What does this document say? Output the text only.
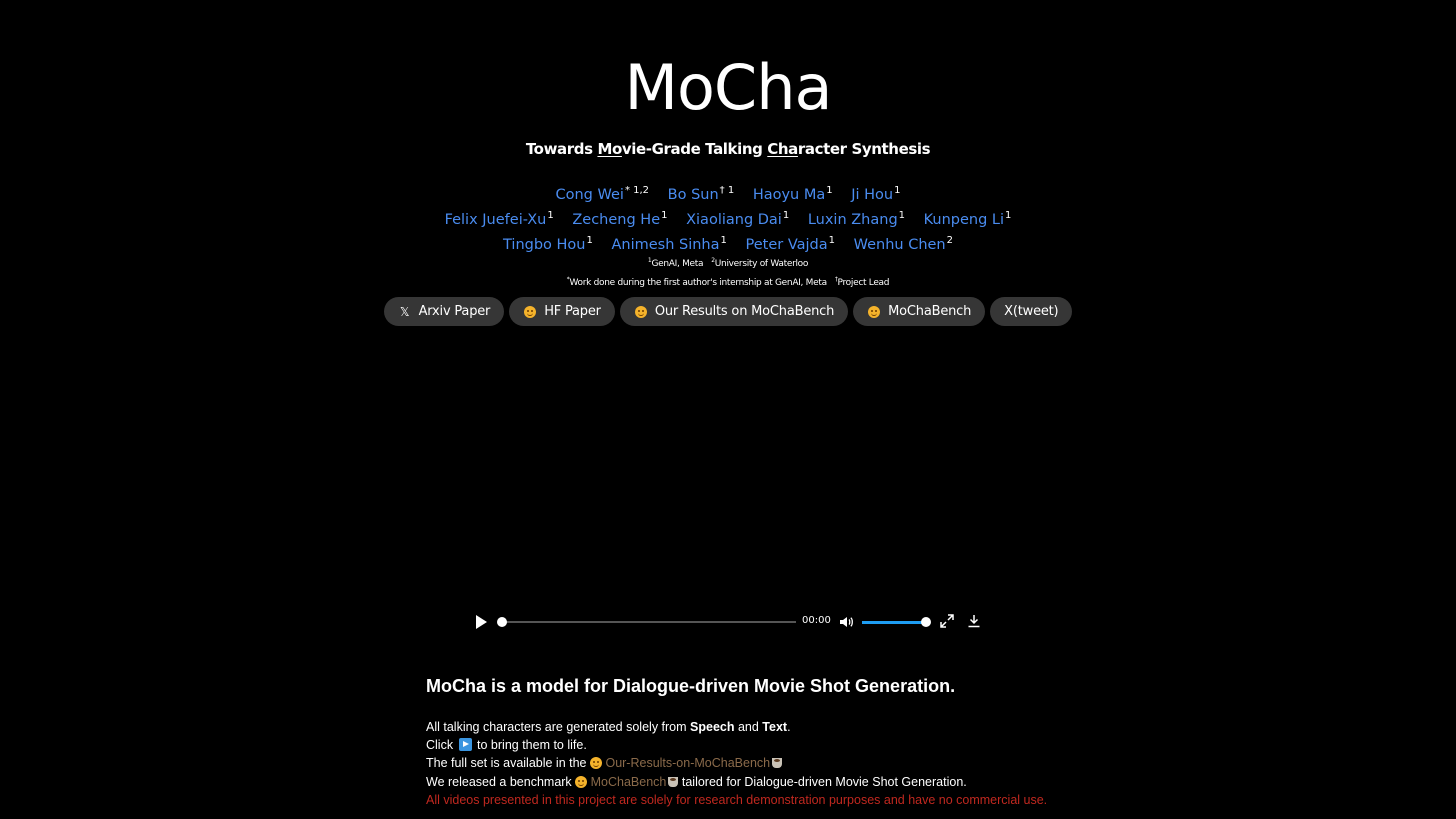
MoCha
Towards Movie-Grade Talking Character Synthesis
Cong Wei$^{* 1,2}$ Bo Sun$^{\dagger 1}$ Haoyu Ma$^1$ Ji Hou$^1$
Felix Juefei-Xu$^1$ Zecheng He$^1$ Xiaoliang Dai$^1$ Luxin Zhang$^1$ Kunpeng Li$^1$
Tingbo Hou$^1$ Animesh Sinha$^1$ Peter Vajda$^1$ Wenhu Chen$^2$
$^1$GenAI, Meta $^2$University of Waterloo
*Work done during the first author's internship at GenAI, Meta †Project Lead
𝕏 Arxiv Paper	HF Paper	Our Results on MoChaBench	MoChaBench	X(tweet)
00:00
MoCha is a model for Dialogue-driven Movie Shot Generation.
All talking characters are generated solely from Speech and Text.
Click  to bring them to life.
The full set is available in the  Our-Results-on-MoChaBench
We released a benchmark  MoChaBench tailored for Dialogue-driven Movie Shot Generation.
All videos presented in this project are solely for research demonstration purposes and have no commercial use.
